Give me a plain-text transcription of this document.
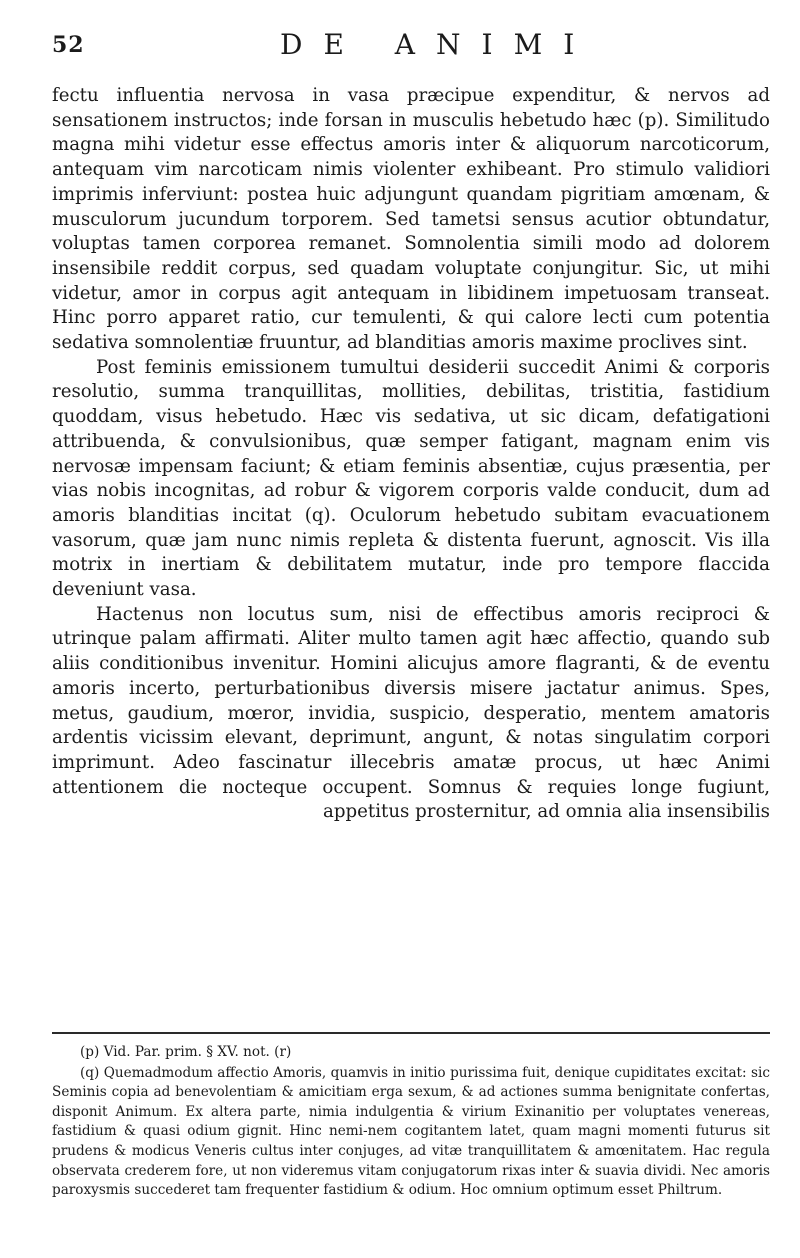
52	DE ANIMI

fectu influentia nervosa in vasa præcipue expenditur, & nervos ad sensationem instructos; inde forsan in musculis hebetudo hæc (p). Similitudo magna mihi videtur esse effectus amoris inter & aliquorum narcoticorum, antequam vim narcoticam nimis violenter exhibeant. Pro stimulo validiori imprimis inferviunt: postea huic adjungunt quandam pigritiam amœnam, & musculorum jucundum torporem. Sed tametsi sensus acutior obtundatur, voluptas tamen corporea remanet. Somnolentia simili modo ad dolorem insensibile reddit corpus, sed quadam voluptate conjungitur. Sic, ut mihi videtur, amor in corpus agit antequam in libidinem impetuosam transeat. Hinc porro apparet ratio, cur temulenti, & qui calore lecti cum potentia sedativa somnolentiæ fruuntur, ad blanditias amoris maxime proclives sint.

Post feminis emissionem tumultui desiderii succedit Animi & corporis resolutio, summa tranquillitas, mollities, debilitas, tristitia, fastidium quoddam, visus hebetudo. Hæc vis sedativa, ut sic dicam, defatigationi attribuenda, & convulsionibus, quæ semper fatigant, magnam enim vis nervosæ impensam faciunt; & etiam feminis absentiæ, cujus præsentia, per vias nobis incognitas, ad robur & vigorem corporis valde conducit, dum ad amoris blanditias incitat (q). Oculorum hebetudo subitam evacuationem vasorum, quæ jam nunc nimis repleta & distenta fuerunt, agnoscit. Vis illa motrix in inertiam & debilitatem mutatur, inde pro tempore flaccida deveniunt vasa.

Hactenus non locutus sum, nisi de effectibus amoris reciproci & utrinque palam affirmati. Aliter multo tamen agit hæc affectio, quando sub aliis conditionibus invenitur. Homini alicujus amore flagranti, & de eventu amoris incerto, perturbationibus diversis misere jactatur animus. Spes, metus, gaudium, mœror, invidia, suspicio, desperatio, mentem amatoris ardentis vicissim elevant, deprimunt, angunt, & notas singulatim corpori imprimunt. Adeo fascinatur illecebris amatæ procus, ut hæc Animi attentionem die nocteque occupent. Somnus & requies longe fugiunt, appetitus prosternitur, ad omnia alia insensibilis

(p) Vid. Par. prim. § XV. not. (r)

(q) Quemadmodum affectio Amoris, quamvis in initio purissima fuit, denique cupiditates excitat: sic Seminis copia ad benevolentiam & amicitiam erga sexum, & ad actiones summa benignitate confertas, disponit Animum. Ex altera parte, nimia indulgentia & virium Exinanitio per voluptates venereas, fastidium & quasi odium gignit. Hinc nemi-nem cogitantem latet, quam magni momenti futurus sit prudens & modicus Veneris cultus inter conjuges, ad vitæ tranquillitatem & amœnitatem. Hac regula observata crederem fore, ut non videremus vitam conjugatorum rixas inter & suavia dividi. Nec amoris paroxysmis succederet tam frequenter fastidium & odium. Hoc omnium optimum esset Philtrum.
